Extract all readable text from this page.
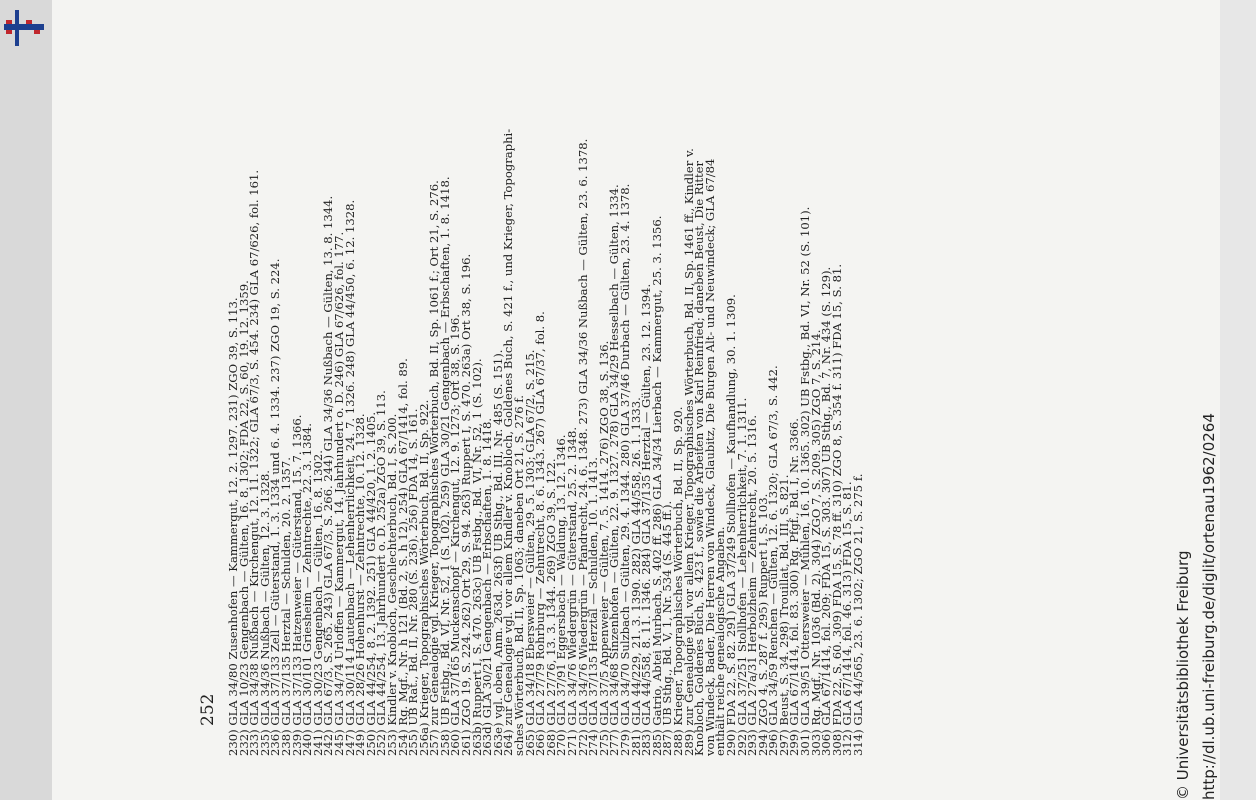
252 230) GLA 34/80 Zusenhofen — Kammergut, 12. 2. 1297. 231) ZGO 39, S. 113.
232) GLA 10/23 Gengenbach — Gülten, 16. 8. 1302; FDA 22, S. 60, 19. 12. 1359.
233) GLA 34/38 Nußbach — Kirchengut, 12. 11. 1322; GLA 67/3, S. 454. 234) GLA 67/626, fol. 161.
235) GLA 34/36 Nußbach — Gülten, 12. 3. 1328.
236) GLA 37/133 Zell — Güterstand, 1. 3. 1334 und 6. 4. 1334. 237) ZGO 19, S. 224.
238) GLA 37/135 Herztal — Schulden, 20. 2. 1357.
239) GLA 37/133 Hatzenweier — Güterstand, 15. 7. 1366.
240) GLA 30/101 Griesheim — Zehntrechte, 22. 3. 1384.
241) GLA 30/23 Gengenbach — Gülten, 16. 8. 1302.
242) GLA 67/3, S. 265. 243) GLA 67/3, S. 266. 244) GLA 34/36 Nußbach — Gülten, 13. 8. 1344.
245) GLA 34/74 Urloffen — Kammergut, 14. Jahrhundert o. D. 246) GLA 67/626, fol. 177.
247) GLA 30/114 Lautenbach — Lehenherrlichkeit, 24. 7. 1326. 248) GLA 44/450, 6. 12. 1328.
249) GLA 28/26 Hohenhurst — Zehntrechte, 10. 12. 1328.
250) GLA 44/254, 8. 2. 1392. 251) GLA 44/420, 1. 2. 1405.
252) GLA 44/254, 13. Jahrhundert o. D. 252a) ZGO 39, S. 113.
253) Kindler v. Knobloch, Geschlechterbuch, Bd. I, S. 200.
254) Rg. Mgf., Nr. h 121 (Bd. 2, S. h 12). 254) GLA 67/1414, fol. 89.
255) UB Rat., Bd. II, Nr. 280 (S. 236). 256) FDA 14, S. 161.
256a) Krieger, Topographisches Wörterbuch, Bd. II, Sp. 922.
257) zur Genealogie vgl. Krieger, Topographisches Wörterbuch, Bd. II, Sp. 1061 f.; Ort 21, S. 276.
258) UB Fstbg., Bd. VI, Nr. 52, 1 (S. 102). 259) GLA 30/21 Gengenbach — Erbschaften, 1. 8. 1418.
260) GLA 37/165 Muckenschopf — Kirchengut, 12. 9. 1273; Ort 38, S. 196.
261) ZGO 19, S. 224. 262) Ort 29, S. 94. 263) Ruppert I, S. 470. 263a) Ort 38, S. 196.
263b) Ruppert I, S. 470. 263c) UB Fstbg., Bd. VI, Nr. 52, 1 (S. 102).
263d) GLA 30/21 Gengenbach — Erbschaften, 1. 8. 1418.
263e) vgl. oben, Anm. 263d. 263f) UB Sthg., Bd. III, Nr. 485 (S. 151).
264) zur Genealogie vgl. vor allem Kindler v. Knobloch, Goldenes Buch, S. 421 f., und Krieger, Topographi-
sches Wörterbuch, Bd. II, Sp. 1063; daneben Ort 21, S. 276 f.
265) GLA 34/18 Ebersweier — Gülten, 29. 5. 1303; GLA 67/2, S. 215.
266) GLA 27/79 Rohrburg — Zehntrecht, 8. 6. 1343. 267) GLA 67/37, fol. 8.
268) GLA 27/76, 13. 3. 1344. 269) ZGO 39, S. 122.
270) GLA 37/91 Eggersbach — Waldung, 13. 12. 1346.
271) GLA 34/76 Wiedergrün — Güterstand, 25. 2. 1348.
272) GLA 34/76 Wiedergrün — Pfandrecht, 24. 6. 1348. 273) GLA 34/36 Nußbach — Gülten, 23. 6. 1378.
274) GLA 37/135 Herztal — Schulden, 10. 1. 1413.
275) GLA 37/5 Appenweier — Gülten, 7. 5. 1414. 276) ZGO 38, S. 136.
277) GLA 34/68 Sinzenhofen — Gülten, 22. 9. 1327. 278) GLA 34/29 Hesselbach — Gülten, 1334.
279) GLA 34/70 Sulzbach — Gülten, 29. 4. 1344. 280) GLA 37/46 Durbach — Gülten, 23. 4. 1378.
281) GLA 44/229, 21. 3. 1390. 282) GLA 44/558, 26. 1. 1333.
283) GLA 44/558, 8. 11. 1346. 284) GLA 37/135 Herztal — Gülten, 23. 12. 1394.
285) Gatrio, Abtei Murbach, S. 402 ff. 286) GLA 34/34 Lierbach — Kammergut, 25. 3. 1356.
287) UB Sthg., Bd. V, 1, Nr. 534 (S. 445 ff.).
288) Krieger, Topographisches Wörterbuch, Bd. II, Sp. 920.
289) zur Genealogie vgl. vor allem Krieger, Topographisches Wörterbuch, Bd. II, Sp. 1461 ff., Kindler v.
Knobloch, Goldenes Buch, S. 423 f., sowie die Arbeiten von Karl Reinfried; daneben Beust, Die Ritter
von Windeck, Bader, Die Herren von Windeck, Glaubitz, Die Burgen Alt- und Neuwindeck; GLA 67/84
enthält reiche genealogische Angaben.
290) FDA 22, S. 82. 291) GLA 37/249 Stollhofen — Kaufhandlung, 30. 1. 1309.
292) GLA 37/251 Stollhofen — Lehenherrlichkeit, 7. 1. 1311.
293) GLA 27a/31 Herbolzheim — Zehntrecht, 20. 5. 1316.
294) ZGO 4, S. 287 f. 295) Ruppert I, S. 103.
296) GLA 34/59 Renchen — Gülten, 12. 6. 1320; GLA 67/3, S. 442.
297) Beust, S. 34. 298) Trouillat, Bd. III, S. 821.
299) GLA 67/1414, fol. 83. 300) Rg. Pfgf., Bd. I, Nr. 3366.
301) GLA 39/51 Ottersweier — Mühlen, 16. 10. 1365. 302) UB Fstbg., Bd. VI, Nr. 52 (S. 101).
303) Rg. Mgf., Nr. 1036 (Bd. 2). 304) ZGO 7, S. 209. 305) ZGO 7, S. 214.
306) GLA 67/1414, fol. 209; FDA 15, S. 303. 307) UB Sthg., Bd. 7, Nr. 434 (S. 129).
308) FDA 22, S. 60. 309) FDA 15, S. 78 ff. 310) ZGO 8, S. 354 f. 311) FDA 15, S. 81.
312) GLA 67/1414, fol. 46. 313) FDA 15, S. 81.
314) GLA 44/565, 23. 6. 1302; ZGO 21, S. 275 f.	http://dl.ub.uni-freiburg.de/diglit/ortenau1962/0264
© Universitätsbibliothek Freiburg
